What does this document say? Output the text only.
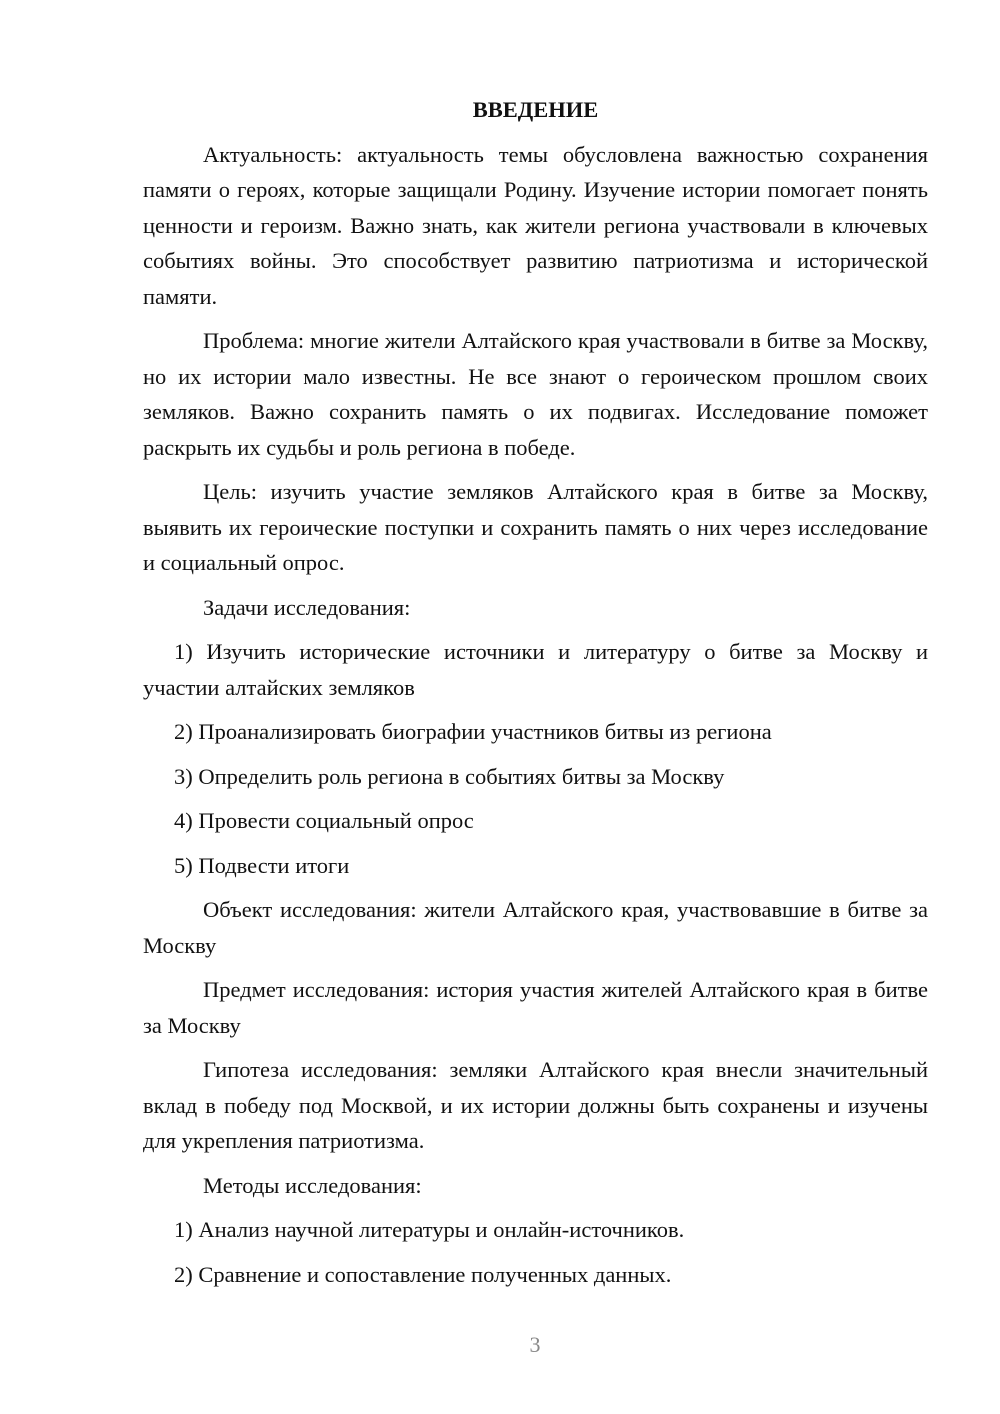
ВВЕДЕНИЕ
Актуальность: актуальность темы обусловлена важностью сохранения памяти о героях, которые защищали Родину. Изучение истории помогает понять ценности и героизм. Важно знать, как жители региона участвовали в ключевых событиях войны. Это способствует развитию патриотизма и исторической памяти.
Проблема: многие жители Алтайского края участвовали в битве за Москву, но их истории мало известны. Не все знают о героическом прошлом своих земляков. Важно сохранить память о их подвигах. Исследование поможет раскрыть их судьбы и роль региона в победе.
Цель: изучить участие земляков Алтайского края в битве за Москву, выявить их героические поступки и сохранить память о них через исследование и социальный опрос.
Задачи исследования:
1) Изучить исторические источники и литературу о битве за Москву и участии алтайских земляков
2) Проанализировать биографии участников битвы из региона
3) Определить роль региона в событиях битвы за Москву
4) Провести социальный опрос
5) Подвести итоги
Объект исследования: жители Алтайского края, участвовавшие в битве за Москву
Предмет исследования: история участия жителей Алтайского края в битве за Москву
Гипотеза исследования: земляки Алтайского края внесли значительный вклад в победу под Москвой, и их истории должны быть сохранены и изучены для укрепления патриотизма.
Методы исследования:
1) Анализ научной литературы и онлайн-источников.
2) Сравнение и сопоставление полученных данных.
3
